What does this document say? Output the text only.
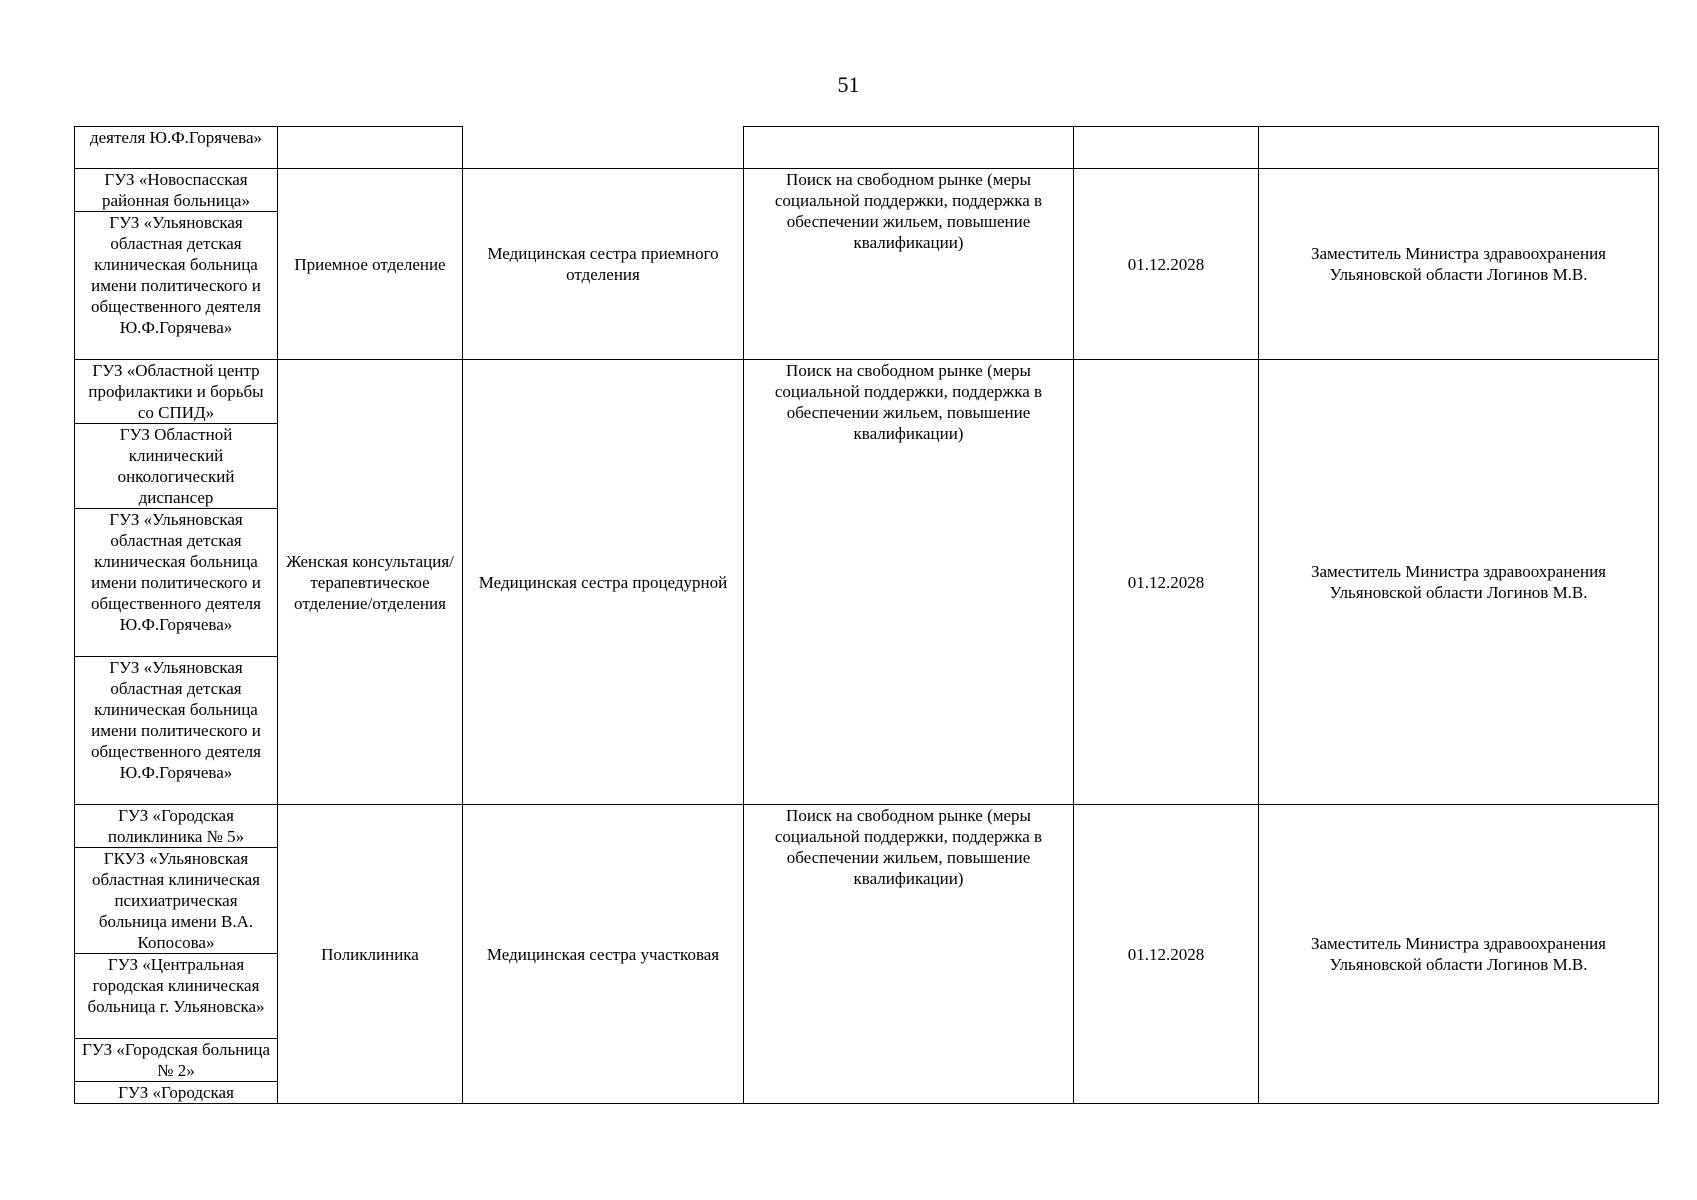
51
деятеля Ю.Ф.Горячева»					
ГУЗ «Новоспасская районная больница»	Приемное отделение	Медицинская сестра приемного отделения	Поиск на свободном рынке (меры социальной поддержки, поддержка в обеспечении жильем, повышение квалификации)	01.12.2028	Заместитель Министра здравоохранения Ульяновской области Логинов М.В.
ГУЗ «Ульяновская областная детская клиническая больница имени политического и общественного деятеля Ю.Ф.Горячева»					
ГУЗ «Областной центр профилактики и борьбы со СПИД»	Женская консультация/ терапевтическое отделение/отделения	Медицинская сестра процедурной	Поиск на свободном рынке (меры социальной поддержки, поддержка в обеспечении жильем, повышение квалификации)	01.12.2028	Заместитель Министра здравоохранения Ульяновской области Логинов М.В.
ГУЗ Областной клинический онкологический диспансер					
ГУЗ «Ульяновская областная детская клиническая больница имени политического и общественного деятеля Ю.Ф.Горячева»					
ГУЗ «Ульяновская областная детская клиническая больница имени политического и общественного деятеля Ю.Ф.Горячева»					
ГУЗ «Городская поликлиника № 5»	Поликлиника	Медицинская сестра участковая	Поиск на свободном рынке (меры социальной поддержки, поддержка в обеспечении жильем, повышение квалификации)	01.12.2028	Заместитель Министра здравоохранения Ульяновской области Логинов М.В.
ГКУЗ «Ульяновская областная клиническая психиатрическая больница имени В.А. Копосова»					
ГУЗ «Центральная городская клиническая больница г. Ульяновска»					
ГУЗ «Городская больница № 2»					
ГУЗ «Городская					
